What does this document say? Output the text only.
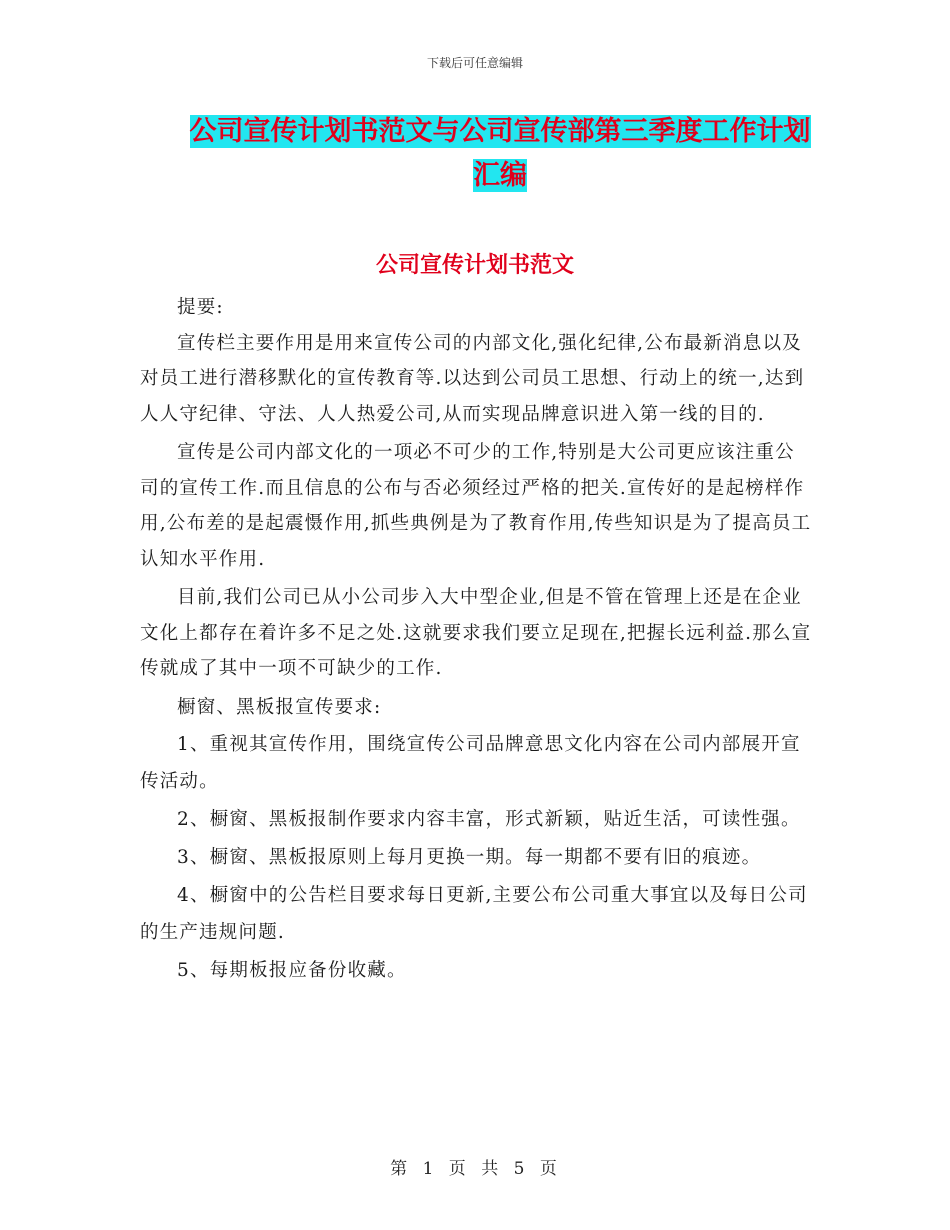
下载后可任意编辑
公司宣传计划书范文与公司宣传部第三季度工作计划
汇编
公司宣传计划书范文

提要:

宣传栏主要作用是用来宣传公司的内部文化,强化纪律,公布最新消息以及对员工进行潜移默化的宣传教育等.以达到公司员工思想、行动上的统一,达到人人守纪律、守法、人人热爱公司,从而实现品牌意识进入第一线的目的.

宣传是公司内部文化的一项必不可少的工作,特别是大公司更应该注重公司的宣传工作.而且信息的公布与否必须经过严格的把关.宣传好的是起榜样作用,公布差的是起震慑作用,抓些典例是为了教育作用,传些知识是为了提高员工认知水平作用.

目前,我们公司已从小公司步入大中型企业,但是不管在管理上还是在企业文化上都存在着许多不足之处.这就要求我们要立足现在,把握长远利益.那么宣传就成了其中一项不可缺少的工作.

橱窗、黑板报宣传要求:

1、重视其宣传作用，围绕宣传公司品牌意思文化内容在公司内部展开宣传活动。

2、橱窗、黑板报制作要求内容丰富，形式新颖，贴近生活，可读性强。

3、橱窗、黑板报原则上每月更换一期。每一期都不要有旧的痕迹。

4、橱窗中的公告栏目要求每日更新,主要公布公司重大事宜以及每日公司的生产违规问题.

5、每期板报应备份收藏。

第 1 页 共 5 页
